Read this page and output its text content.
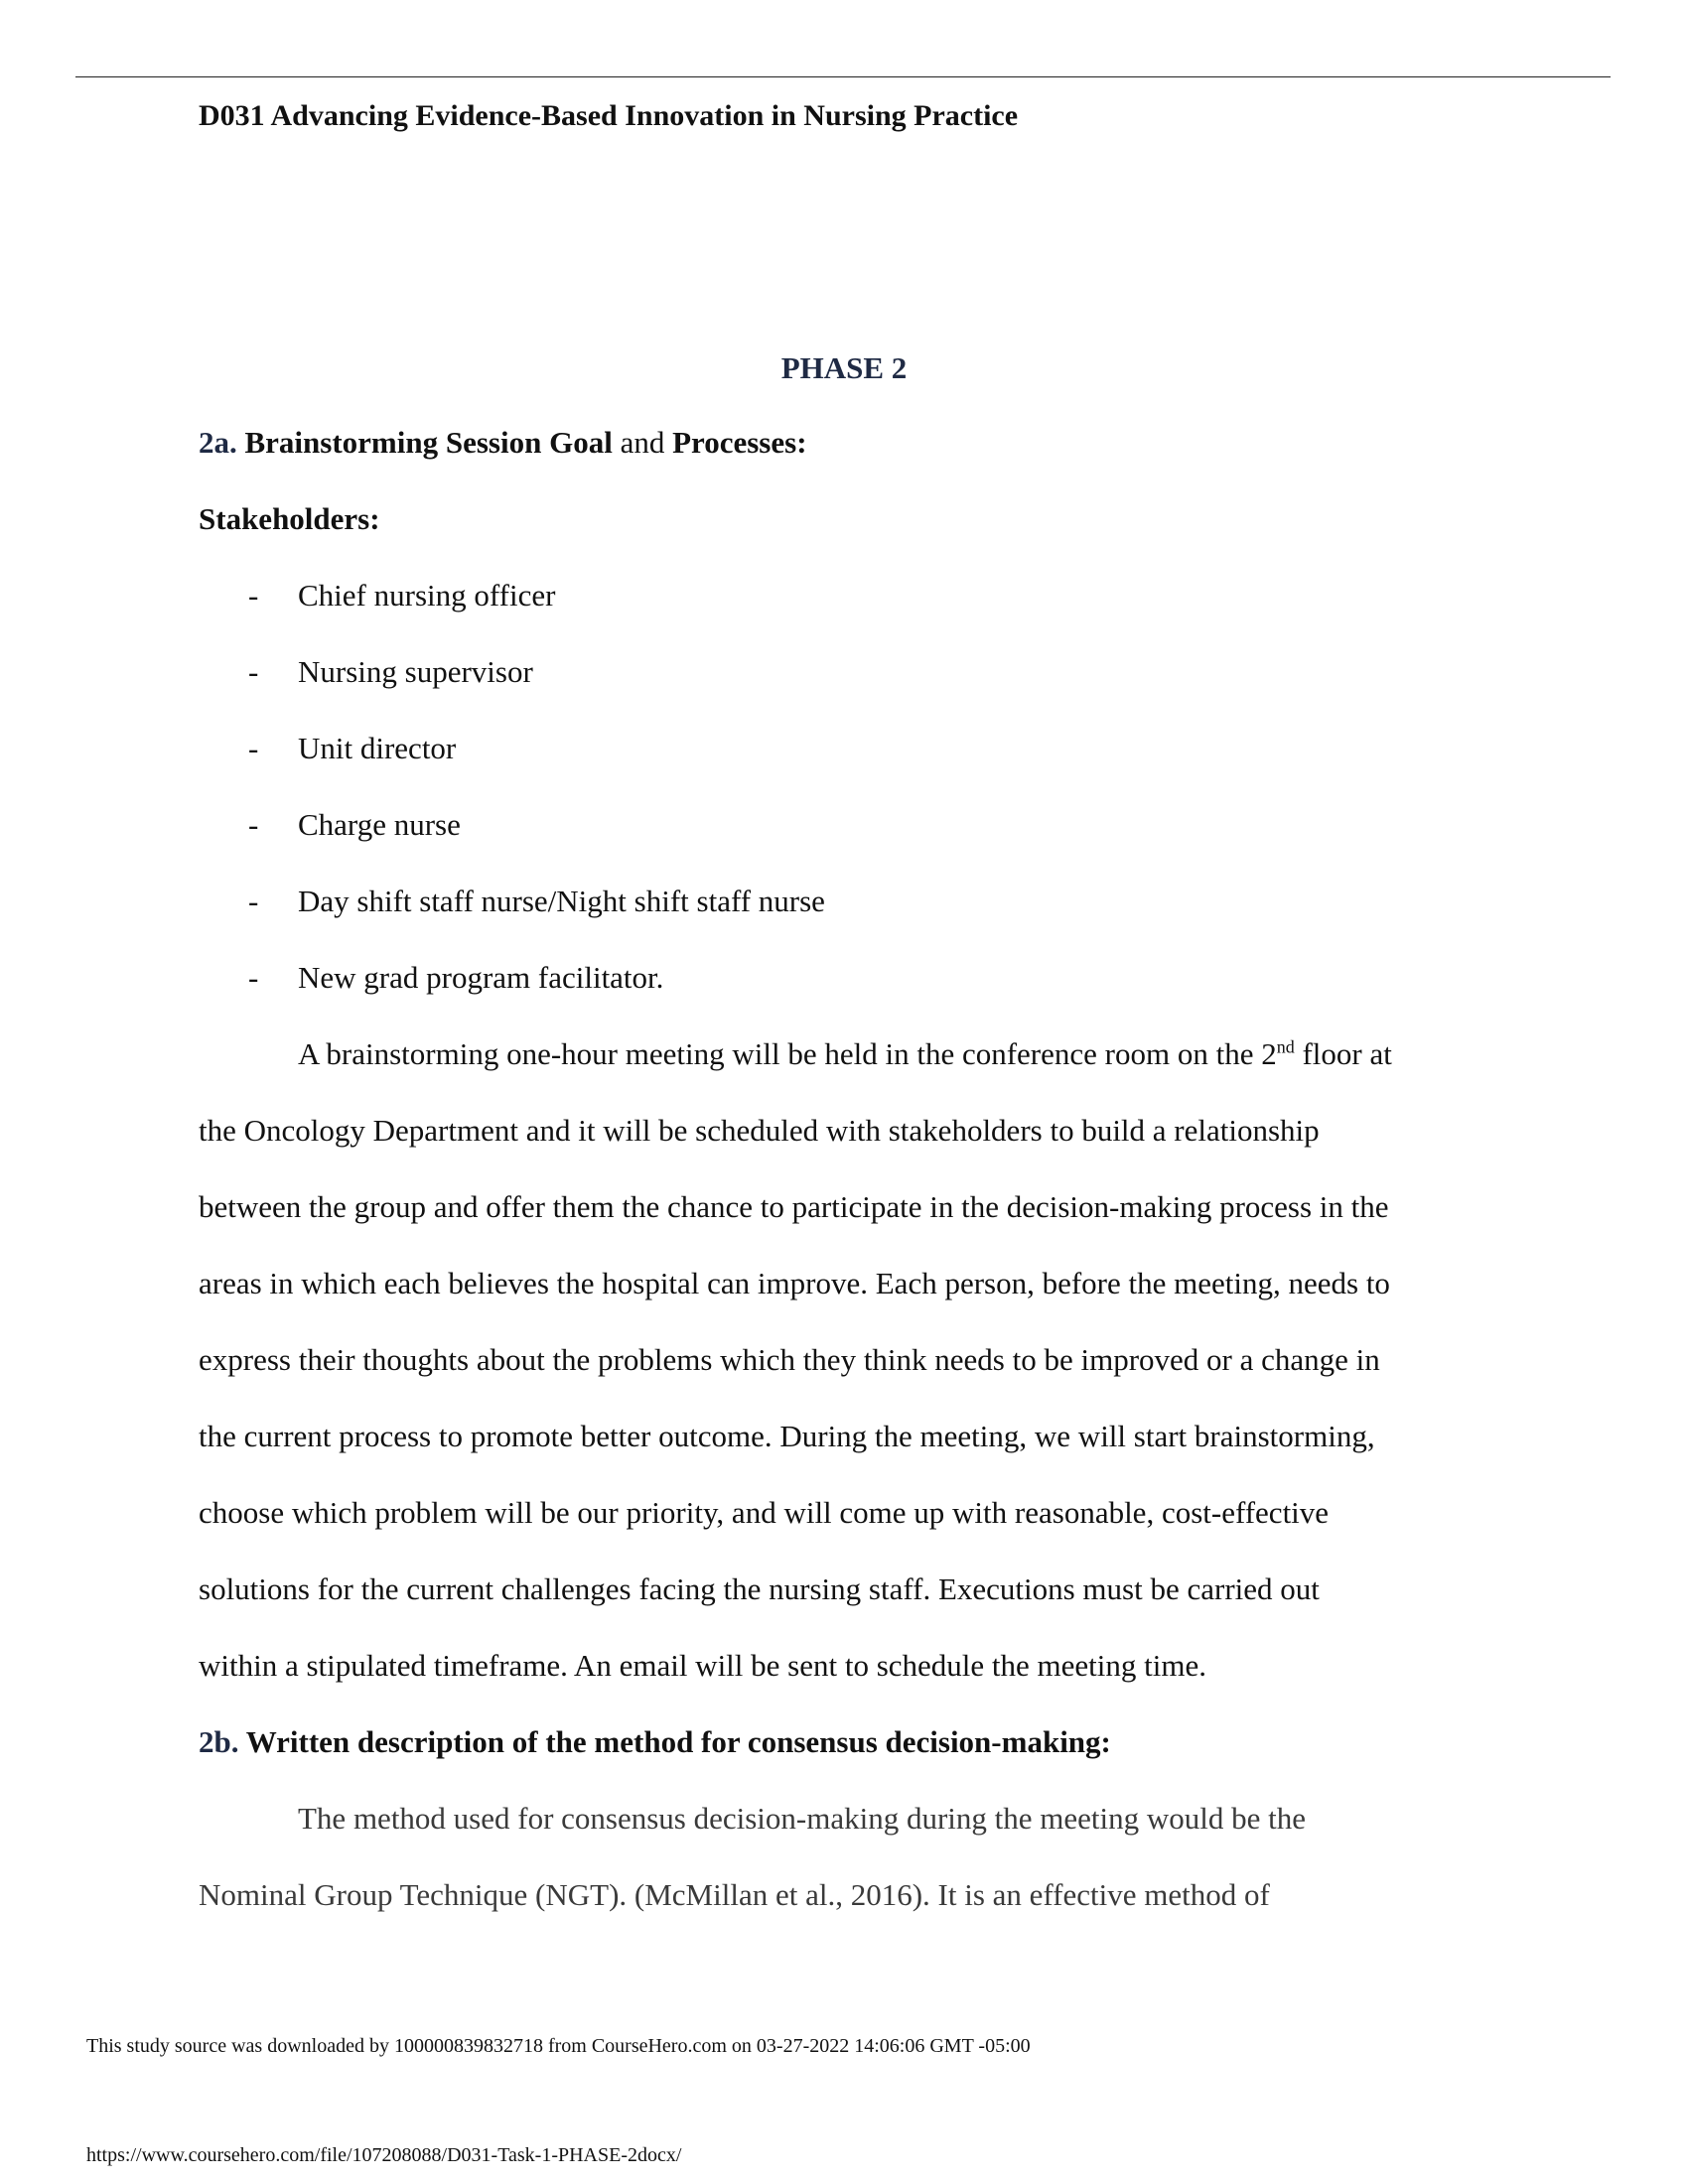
D031 Advancing Evidence-Based Innovation in Nursing Practice
PHASE 2
2a. Brainstorming Session Goal and Processes:
Stakeholders:
- Chief nursing officer
- Nursing supervisor
- Unit director
- Charge nurse
- Day shift staff nurse/Night shift staff nurse
- New grad program facilitator.
A brainstorming one-hour meeting will be held in the conference room on the 2nd floor at
the Oncology Department and it will be scheduled with stakeholders to build a relationship
between the group and offer them the chance to participate in the decision-making process in the
areas in which each believes the hospital can improve. Each person, before the meeting, needs to
express their thoughts about the problems which they think needs to be improved or a change in
the current process to promote better outcome. During the meeting, we will start brainstorming,
choose which problem will be our priority, and will come up with reasonable, cost-effective
solutions for the current challenges facing the nursing staff. Executions must be carried out
within a stipulated timeframe. An email will be sent to schedule the meeting time.
2b. Written description of the method for consensus decision-making:
The method used for consensus decision-making during the meeting would be the
Nominal Group Technique (NGT). (McMillan et al., 2016). It is an effective method of
This study source was downloaded by 100000839832718 from CourseHero.com on 03-27-2022 14:06:06 GMT -05:00
https://www.coursehero.com/file/107208088/D031-Task-1-PHASE-2docx/
